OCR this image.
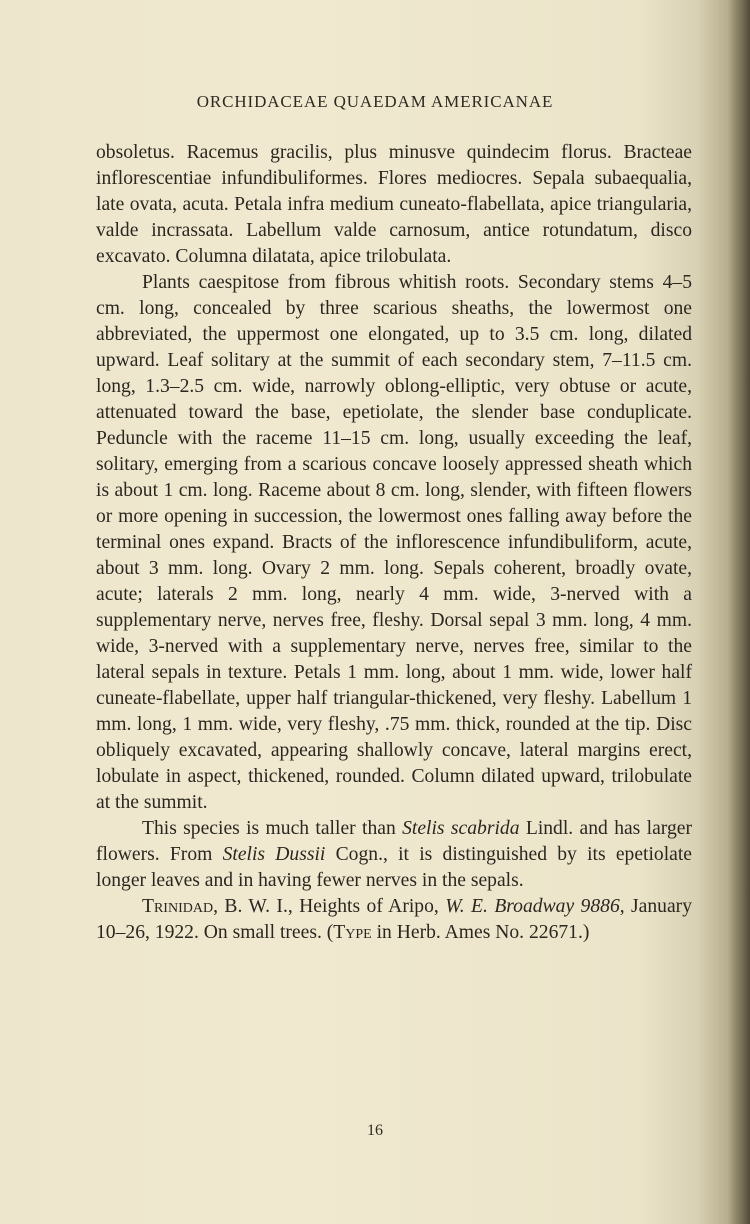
ORCHIDACEAE QUAEDAM AMERICANAE

obsoletus. Racemus gracilis, plus minusve quindecim florus. Bracteae inflorescentiae infundibuliformes. Flores mediocres. Sepala subaequalia, late ovata, acuta. Petala infra medium cuneato-flabellata, apice triangularia, valde incrassata. Labellum valde carnosum, antice rotundatum, disco excavato. Columna dilatata, apice trilobulata.

Plants caespitose from fibrous whitish roots. Secondary stems 4–5 cm. long, concealed by three scarious sheaths, the lowermost one abbreviated, the uppermost one elongated, up to 3.5 cm. long, dilated upward. Leaf solitary at the summit of each secondary stem, 7–11.5 cm. long, 1.3–2.5 cm. wide, narrowly oblong-elliptic, very obtuse or acute, attenuated toward the base, epetiolate, the slender base conduplicate. Peduncle with the raceme 11–15 cm. long, usually exceeding the leaf, solitary, emerging from a scarious concave loosely appressed sheath which is about 1 cm. long. Raceme about 8 cm. long, slender, with fifteen flowers or more opening in succession, the lowermost ones falling away before the terminal ones expand. Bracts of the inflorescence infundibuliform, acute, about 3 mm. long. Ovary 2 mm. long. Sepals coherent, broadly ovate, acute; laterals 2 mm. long, nearly 4 mm. wide, 3-nerved with a supplementary nerve, nerves free, fleshy. Dorsal sepal 3 mm. long, 4 mm. wide, 3-nerved with a supplementary nerve, nerves free, similar to the lateral sepals in texture. Petals 1 mm. long, about 1 mm. wide, lower half cuneate-flabellate, upper half triangular-thickened, very fleshy. Labellum 1 mm. long, 1 mm. wide, very fleshy, .75 mm. thick, rounded at the tip. Disc obliquely excavated, appearing shallowly concave, lateral margins erect, lobulate in aspect, thickened, rounded. Column dilated upward, trilobulate at the summit.

This species is much taller than Stelis scabrida Lindl. and has larger flowers. From Stelis Dussii Cogn., it is distinguished by its epetiolate longer leaves and in having fewer nerves in the sepals.

Trinidad, B. W. I., Heights of Aripo, W. E. Broadway 9886, January 10–26, 1922. On small trees. (Type in Herb. Ames No. 22671.)

16
